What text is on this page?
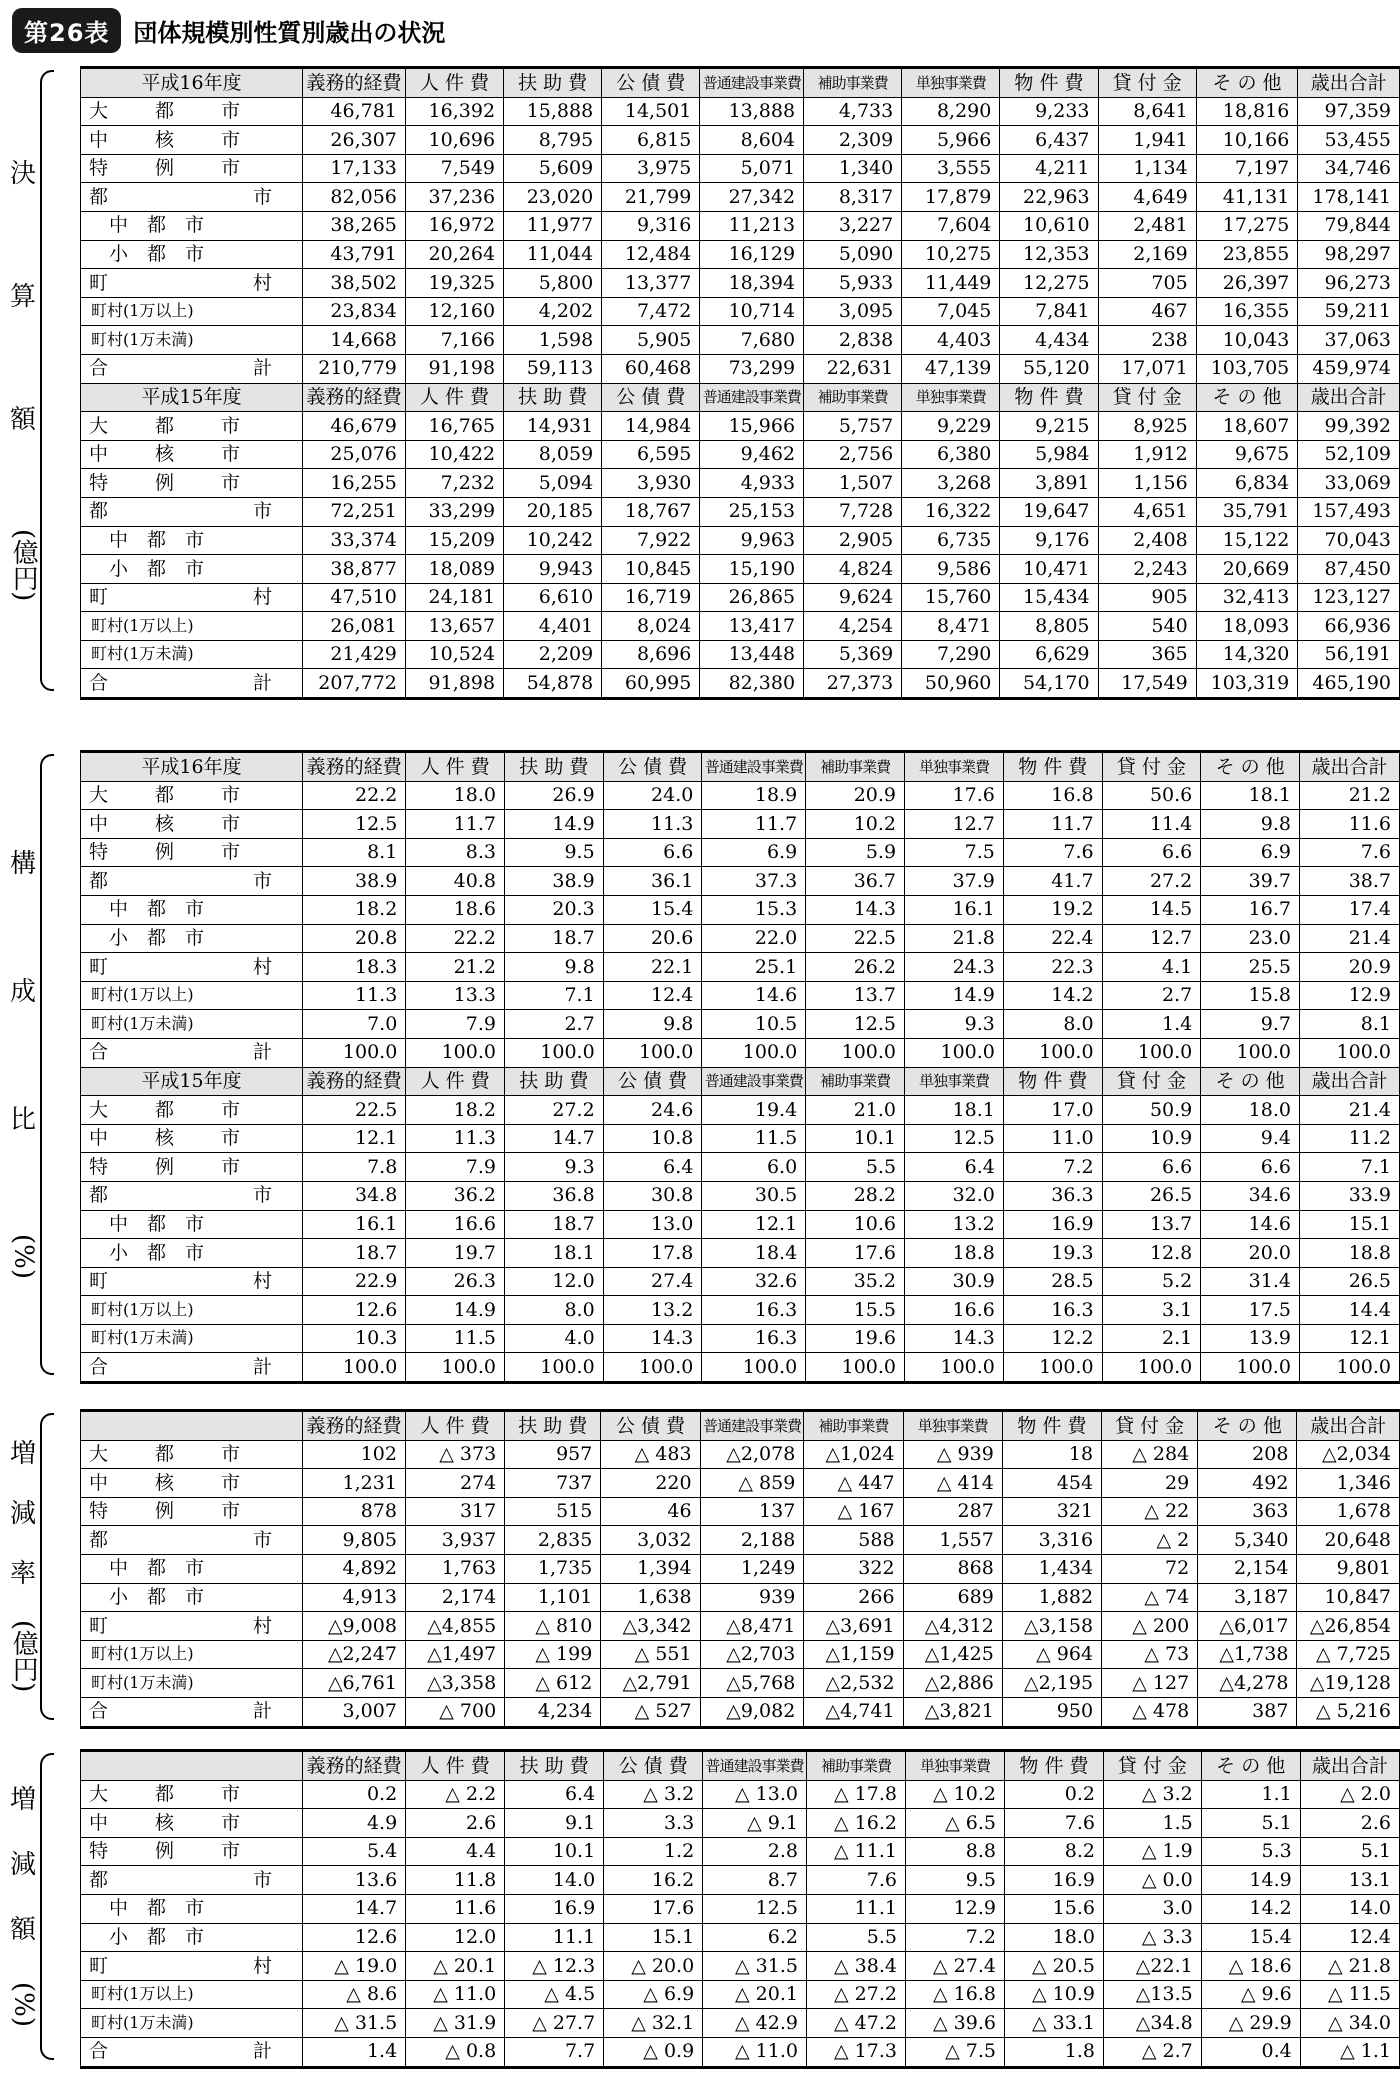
第26表	団体規模別性質別歳出の状況
決
算
額
(億円)
平成16年度	義務的経費	人 件 費	扶 助 費	公 債 費	普通建設事業費	補助事業費	単独事業費	物 件 費	貸 付 金	そ の 他	歳出合計
大　都　市	46,781	16,392	15,888	14,501	13,888	4,733	8,290	9,233	8,641	18,816	97,359
中　核　市	26,307	10,696	8,795	6,815	8,604	2,309	5,966	6,437	1,941	10,166	53,455
特　例　市	17,133	7,549	5,609	3,975	5,071	1,340	3,555	4,211	1,134	7,197	34,746
都　　　市	82,056	37,236	23,020	21,799	27,342	8,317	17,879	22,963	4,649	41,131	178,141
中　都　市	38,265	16,972	11,977	9,316	11,213	3,227	7,604	10,610	2,481	17,275	79,844
小　都　市	43,791	20,264	11,044	12,484	16,129	5,090	10,275	12,353	2,169	23,855	98,297
町　　　村	38,502	19,325	5,800	13,377	18,394	5,933	11,449	12,275	705	26,397	96,273
町村(1万以上)	23,834	12,160	4,202	7,472	10,714	3,095	7,045	7,841	467	16,355	59,211
町村(1万未満)	14,668	7,166	1,598	5,905	7,680	2,838	4,403	4,434	238	10,043	37,063
合　　　計	210,779	91,198	59,113	60,468	73,299	22,631	47,139	55,120	17,071	103,705	459,974
平成15年度	義務的経費	人 件 費	扶 助 費	公 債 費	普通建設事業費	補助事業費	単独事業費	物 件 費	貸 付 金	そ の 他	歳出合計
大　都　市	46,679	16,765	14,931	14,984	15,966	5,757	9,229	9,215	8,925	18,607	99,392
中　核　市	25,076	10,422	8,059	6,595	9,462	2,756	6,380	5,984	1,912	9,675	52,109
特　例　市	16,255	7,232	5,094	3,930	4,933	1,507	3,268	3,891	1,156	6,834	33,069
都　　　市	72,251	33,299	20,185	18,767	25,153	7,728	16,322	19,647	4,651	35,791	157,493
中　都　市	33,374	15,209	10,242	7,922	9,963	2,905	6,735	9,176	2,408	15,122	70,043
小　都　市	38,877	18,089	9,943	10,845	15,190	4,824	9,586	10,471	2,243	20,669	87,450
町　　　村	47,510	24,181	6,610	16,719	26,865	9,624	15,760	15,434	905	32,413	123,127
町村(1万以上)	26,081	13,657	4,401	8,024	13,417	4,254	8,471	8,805	540	18,093	66,936
町村(1万未満)	21,429	10,524	2,209	8,696	13,448	5,369	7,290	6,629	365	14,320	56,191
合　　　計	207,772	91,898	54,878	60,995	82,380	27,373	50,960	54,170	17,549	103,319	465,190
構
成
比
(%)
平成16年度	義務的経費	人 件 費	扶 助 費	公 債 費	普通建設事業費	補助事業費	単独事業費	物 件 費	貸 付 金	そ の 他	歳出合計
大　都　市	22.2	18.0	26.9	24.0	18.9	20.9	17.6	16.8	50.6	18.1	21.2
中　核　市	12.5	11.7	14.9	11.3	11.7	10.2	12.7	11.7	11.4	9.8	11.6
特　例　市	8.1	8.3	9.5	6.6	6.9	5.9	7.5	7.6	6.6	6.9	7.6
都　　　市	38.9	40.8	38.9	36.1	37.3	36.7	37.9	41.7	27.2	39.7	38.7
中　都　市	18.2	18.6	20.3	15.4	15.3	14.3	16.1	19.2	14.5	16.7	17.4
小　都　市	20.8	22.2	18.7	20.6	22.0	22.5	21.8	22.4	12.7	23.0	21.4
町　　　村	18.3	21.2	9.8	22.1	25.1	26.2	24.3	22.3	4.1	25.5	20.9
町村(1万以上)	11.3	13.3	7.1	12.4	14.6	13.7	14.9	14.2	2.7	15.8	12.9
町村(1万未満)	7.0	7.9	2.7	9.8	10.5	12.5	9.3	8.0	1.4	9.7	8.1
合　　　計	100.0	100.0	100.0	100.0	100.0	100.0	100.0	100.0	100.0	100.0	100.0
平成15年度	義務的経費	人 件 費	扶 助 費	公 債 費	普通建設事業費	補助事業費	単独事業費	物 件 費	貸 付 金	そ の 他	歳出合計
大　都　市	22.5	18.2	27.2	24.6	19.4	21.0	18.1	17.0	50.9	18.0	21.4
中　核　市	12.1	11.3	14.7	10.8	11.5	10.1	12.5	11.0	10.9	9.4	11.2
特　例　市	7.8	7.9	9.3	6.4	6.0	5.5	6.4	7.2	6.6	6.6	7.1
都　　　市	34.8	36.2	36.8	30.8	30.5	28.2	32.0	36.3	26.5	34.6	33.9
中　都　市	16.1	16.6	18.7	13.0	12.1	10.6	13.2	16.9	13.7	14.6	15.1
小　都　市	18.7	19.7	18.1	17.8	18.4	17.6	18.8	19.3	12.8	20.0	18.8
町　　　村	22.9	26.3	12.0	27.4	32.6	35.2	30.9	28.5	5.2	31.4	26.5
町村(1万以上)	12.6	14.9	8.0	13.2	16.3	15.5	16.6	16.3	3.1	17.5	14.4
町村(1万未満)	10.3	11.5	4.0	14.3	16.3	19.6	14.3	12.2	2.1	13.9	12.1
合　　　計	100.0	100.0	100.0	100.0	100.0	100.0	100.0	100.0	100.0	100.0	100.0
増
減
率
(億円)
	義務的経費	人 件 費	扶 助 費	公 債 費	普通建設事業費	補助事業費	単独事業費	物 件 費	貸 付 金	そ の 他	歳出合計
大　都　市	102	△ 373	957	△ 483	△2,078	△1,024	△ 939	18	△ 284	208	△2,034
中　核　市	1,231	274	737	220	△ 859	△ 447	△ 414	454	29	492	1,346
特　例　市	878	317	515	46	137	△ 167	287	321	△ 22	363	1,678
都　　　市	9,805	3,937	2,835	3,032	2,188	588	1,557	3,316	△ 2	5,340	20,648
中　都　市	4,892	1,763	1,735	1,394	1,249	322	868	1,434	72	2,154	9,801
小　都　市	4,913	2,174	1,101	1,638	939	266	689	1,882	△ 74	3,187	10,847
町　　　村	△9,008	△4,855	△ 810	△3,342	△8,471	△3,691	△4,312	△3,158	△ 200	△6,017	△26,854
町村(1万以上)	△2,247	△1,497	△ 199	△ 551	△2,703	△1,159	△1,425	△ 964	△ 73	△1,738	△ 7,725
町村(1万未満)	△6,761	△3,358	△ 612	△2,791	△5,768	△2,532	△2,886	△2,195	△ 127	△4,278	△19,128
合　　　計	3,007	△ 700	4,234	△ 527	△9,082	△4,741	△3,821	950	△ 478	387	△ 5,216
増
減
額
(%)
	義務的経費	人 件 費	扶 助 費	公 債 費	普通建設事業費	補助事業費	単独事業費	物 件 費	貸 付 金	そ の 他	歳出合計
大　都　市	0.2	△ 2.2	6.4	△ 3.2	△ 13.0	△ 17.8	△ 10.2	0.2	△ 3.2	1.1	△ 2.0
中　核　市	4.9	2.6	9.1	3.3	△ 9.1	△ 16.2	△ 6.5	7.6	1.5	5.1	2.6
特　例　市	5.4	4.4	10.1	1.2	2.8	△ 11.1	8.8	8.2	△ 1.9	5.3	5.1
都　　　市	13.6	11.8	14.0	16.2	8.7	7.6	9.5	16.9	△ 0.0	14.9	13.1
中　都　市	14.7	11.6	16.9	17.6	12.5	11.1	12.9	15.6	3.0	14.2	14.0
小　都　市	12.6	12.0	11.1	15.1	6.2	5.5	7.2	18.0	△ 3.3	15.4	12.4
町　　　村	△ 19.0	△ 20.1	△ 12.3	△ 20.0	△ 31.5	△ 38.4	△ 27.4	△ 20.5	△22.1	△ 18.6	△ 21.8
町村(1万以上)	△ 8.6	△ 11.0	△ 4.5	△ 6.9	△ 20.1	△ 27.2	△ 16.8	△ 10.9	△13.5	△ 9.6	△ 11.5
町村(1万未満)	△ 31.5	△ 31.9	△ 27.7	△ 32.1	△ 42.9	△ 47.2	△ 39.6	△ 33.1	△34.8	△ 29.9	△ 34.0
合　　　計	1.4	△ 0.8	7.7	△ 0.9	△ 11.0	△ 17.3	△ 7.5	1.8	△ 2.7	0.4	△ 1.1
